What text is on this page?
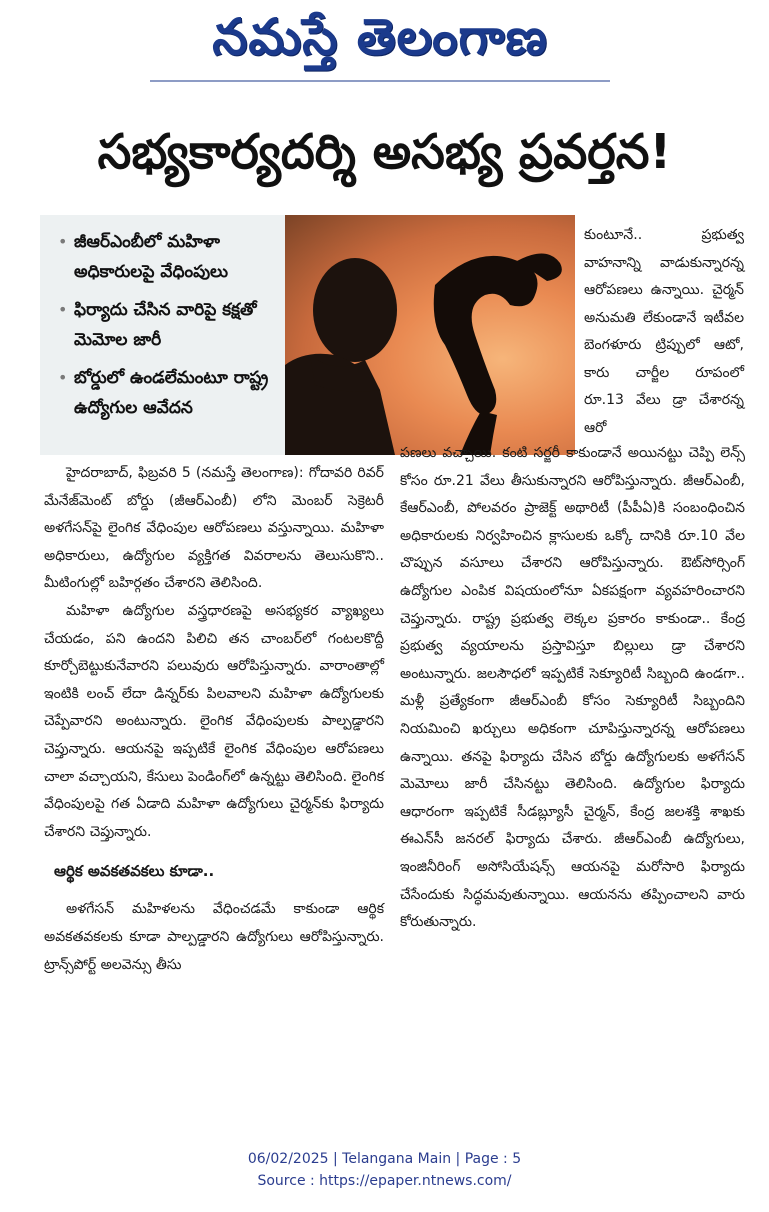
నమస్తే తెలంగాణ
సభ్యకార్యదర్శి అసభ్య ప్రవర్తన!
• జీఆర్ఎంబీలో మహిళా అధికారులపై వేధింపులు
• ఫిర్యాదు చేసిన వారిపై కక్షతో మెమోల జారీ
• బోర్డులో ఉండలేమంటూ రాష్ట్ర ఉద్యోగుల ఆవేదన
కుంటూనే.. ప్రభుత్వ వాహనాన్ని వాడుకున్నారన్న ఆరోపణలు ఉన్నాయి. చైర్మన్ అనుమతి లేకుండానే ఇటీవల బెంగళూరు ట్రిప్పులో ఆటో, కారు చార్జీల రూపంలో రూ.13 వేలు డ్రా చేశారన్న ఆరో

హైదరాబాద్, ఫిబ్రవరి 5 (నమస్తే తెలంగాణ): గోదావరి రివర్ మేనేజ్‌మెంట్ బోర్డు (జీఆర్ఎంబీ) లోని మెంబర్ సెక్రెటరీ అళగేసన్‌పై లైంగిక వేధింపుల ఆరోపణలు వస్తున్నాయి. మహిళా అధికారులు, ఉద్యోగుల వ్యక్తిగత వివరాలను తెలుసుకొని.. మీటింగుల్లో బహిర్గతం చేశారని తెలిసింది.

మహిళా ఉద్యోగుల వస్త్రధారణపై అసభ్యకర వ్యాఖ్యలు చేయడం, పని ఉందని పిలిచి తన చాంబర్‌లో గంటలకొద్దీ కూర్చోబెట్టుకునేవారని పలువురు ఆరోపిస్తున్నారు. వారాంతాల్లో ఇంటికి లంచ్ లేదా డిన్నర్‌కు పిలవాలని మహిళా ఉద్యోగులకు చెప్పేవారని అంటున్నారు. లైంగిక వేధింపులకు పాల్పడ్డారని చెప్తున్నారు. ఆయనపై ఇప్పటికే లైంగిక వేధింపుల ఆరోపణలు చాలా వచ్చాయని, కేసులు పెండింగ్‌లో ఉన్నట్టు తెలిసింది. లైంగిక వేధింపులపై గత ఏడాది మహిళా ఉద్యోగులు చైర్మన్‌కు ఫిర్యాదు చేశారని చెప్తున్నారు.

ఆర్థిక అవకతవకలు కూడా..

అళగేసన్ మహిళలను వేధించడమే కాకుండా ఆర్థిక అవకతవకలకు కూడా పాల్పడ్డారని ఉద్యోగులు ఆరోపిస్తున్నారు. ట్రాన్స్‌పోర్ట్ అలవెన్సు తీసు

పణలు వచ్చాయి. కంటి సర్జరీ కాకుండానే అయినట్టు చెప్పి లెన్స్ కోసం రూ.21 వేలు తీసుకున్నారని ఆరోపిస్తున్నారు. జీఆర్ఎంబీ, కేఆర్ఎంబీ, పోలవరం ప్రాజెక్ట్ అథారిటీ (పీపీఏ)కి సంబంధించిన అధికారులకు నిర్వహించిన క్లాసులకు ఒక్కో దానికి రూ.10 వేల చొప్పున వసూలు చేశారని ఆరోపిస్తున్నారు. ఔట్‌సోర్సింగ్ ఉద్యోగుల ఎంపిక విషయంలోనూ ఏకపక్షంగా వ్యవహరించారని చెప్తున్నారు. రాష్ట్ర ప్రభుత్వ లెక్కల ప్రకారం కాకుండా.. కేంద్ర ప్రభుత్వ వ్యయాలను ప్రస్తావిస్తూ బిల్లులు డ్రా చేశారని అంటున్నారు. జలసౌధలో ఇప్పటికే సెక్యూరిటీ సిబ్బంది ఉండగా.. మళ్లీ ప్రత్యేకంగా జీఆర్ఎంబీ కోసం సెక్యూరిటీ సిబ్బందిని నియమించి ఖర్చులు అధికంగా చూపిస్తున్నారన్న ఆరోపణలు ఉన్నాయి. తనపై ఫిర్యాదు చేసిన బోర్డు ఉద్యోగులకు అళగేసన్ మెమోలు జారీ చేసినట్టు తెలిసింది. ఉద్యోగుల ఫిర్యాదు ఆధారంగా ఇప్పటికే సీడబ్ల్యూసీ చైర్మన్, కేంద్ర జలశక్తి శాఖకు ఈఎన్‌సీ జనరల్ ఫిర్యాదు చేశారు. జీఆర్ఎంబీ ఉద్యోగులు, ఇంజినీరింగ్ అసోసియేషన్స్ ఆయనపై మరోసారి ఫిర్యాదు చేసేందుకు సిద్ధమవుతున్నాయి. ఆయనను తప్పించాలని వారు కోరుతున్నారు.

06/02/2025 | Telangana Main | Page : 5
Source : https://epaper.ntnews.com/
